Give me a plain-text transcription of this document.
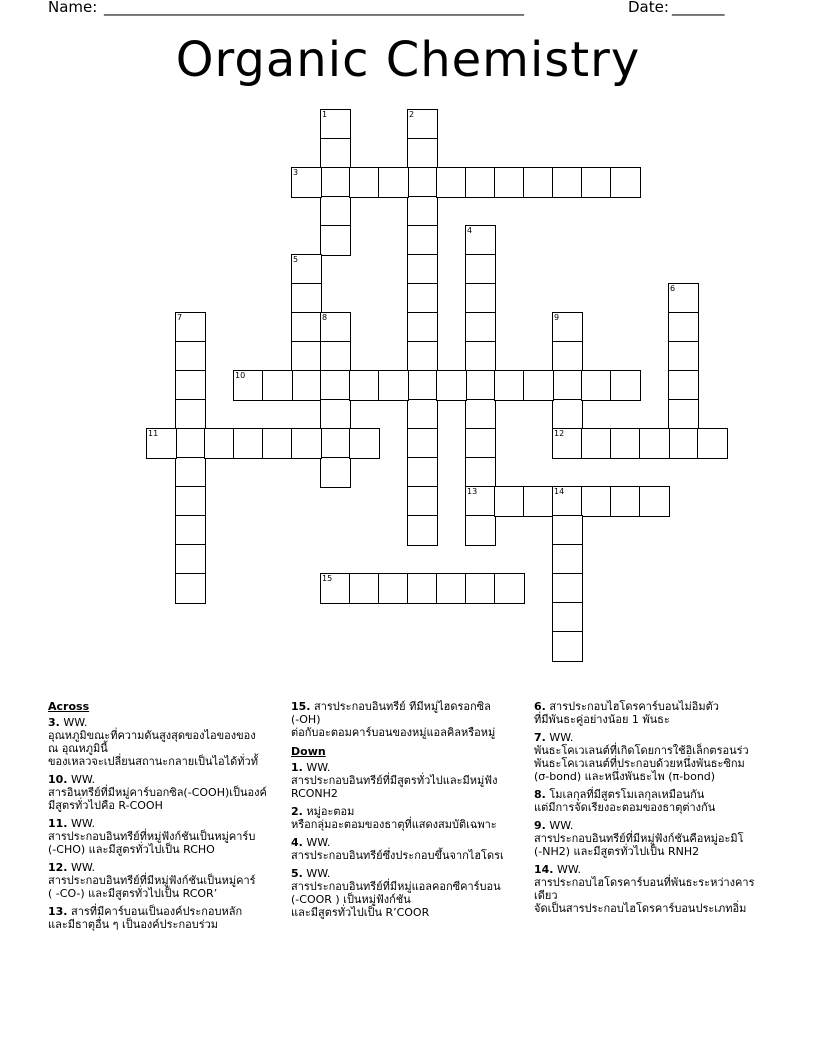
Name: ________________________________________________________	Date: _______
Organic Chemistry
1	2
3
4
13
5
6
7	8	9
10
11	12
14
15
Across
3. WW.
อุณหภูมิขณะที่ความดันสูงสุดของไอของของ
ณ อุณหภูมินี้
ของเหลวจะเปลี่ยนสถานะกลายเป็นไอได้ทั่วทั้
10. WW.
สารอินทรีย์ที่มีหมู่คาร์บอกซิล(-COOH)เป็นองค์
มีสูตรทั่วไปคือ R-COOH
11. WW.
สารประกอบอินทรีย์ที่หมู่ฟังก์ชันเป็นหมู่คาร์บ
(-CHO) และมีสูตรทั่วไปเป็น RCHO
12. WW.
สารประกอบอินทรีย์ที่มีหมู่ฟังก์ชันเป็นหมู่คาร์
( -CO-) และมีสูตรทั่วไปเป็น RCOR’
13. สารที่มีคาร์บอนเป็นองค์ประกอบหลัก
และมีธาตุอื่น ๆ เป็นองค์ประกอบร่วม
15. สารประกอบอินทรีย์ ที่มีหมู่ไฮดรอกซิล
(-OH)
ต่อกับอะตอมคาร์บอนของหมู่แอลคิลหรือหมู่
Down
1. WW.
สารประกอบอินทรีย์ที่มีสูตรทั่วไปและมีหมู่ฟัง
RCONH2
2. หมู่อะตอม
หรือกลุ่มอะตอมของธาตุที่แสดงสมบัติเฉพาะ
4. WW.
สารประกอบอินทรีย์ซึ่งประกอบขึ้นจากไฮโดรเ
5. WW.
สารประกอบอินทรีย์ที่มีหมู่แอลคอกซีคาร์บอน
(-COOR ) เป็นหมู่ฟังก์ชัน
และมีสูตรทั่วไปเป็น R’COOR
6. สารประกอบไฮโดรคาร์บอนไม่อิ่มตัว
ที่มีพันธะคู่อย่างน้อย 1 พันธะ
7. WW.
พันธะโคเวเลนต์ที่เกิดโดยการใช้อิเล็กตรอนร่ว
พันธะโคเวเลนต์ที่ประกอบด้วยหนึ่งพันธะซิกม
(σ-bond) และหนึ่งพันธะไพ (π-bond)
8. โมเลกุลที่มีสูตรโมเลกุลเหมือนกัน
แต่มีการจัดเรียงอะตอมของธาตุต่างกัน
9. WW.
สารประกอบอินทรีย์ที่มีหมู่ฟังก์ชันคือหมู่อะมิโ
(-NH2) และมีสูตรทั่วไปเป็น RNH2
14. WW.
สารประกอบไฮโดรคาร์บอนที่พันธะระหว่างคาร
เดียว
จัดเป็นสารประกอบไฮโดรคาร์บอนประเภทอิ่ม
